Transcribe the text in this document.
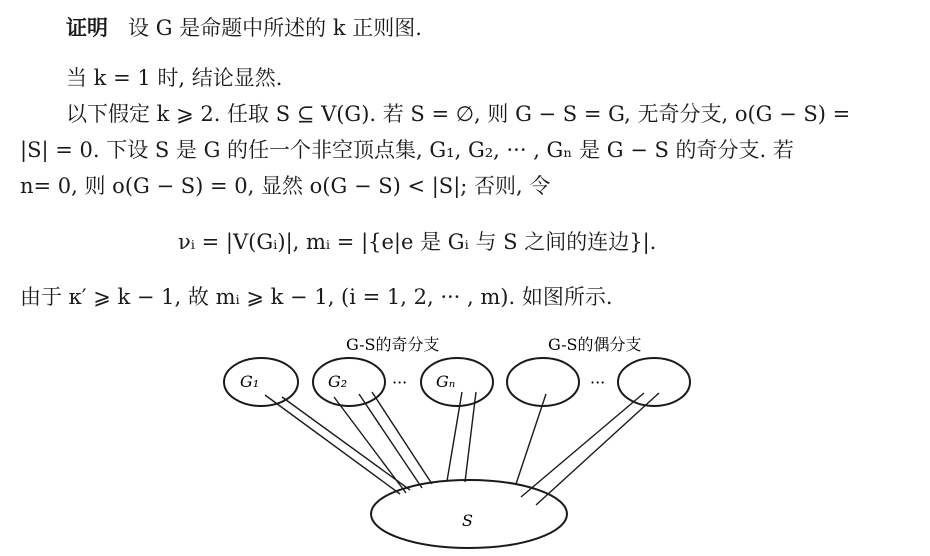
证明 设 G 是命题中所述的 k 正则图.
当 k = 1 时, 结论显然.
以下假定 k ⩾ 2. 任取 S ⊆ V(G). 若 S = ∅, 则 G − S = G, 无奇分支, o(G − S) =
|S| = 0. 下设 S 是 G 的任一个非空顶点集, G₁, G₂, ··· , Gₙ 是 G − S 的奇分支. 若
n= 0, 则 o(G − S) = 0, 显然 o(G − S) < |S|; 否则, 令
νᵢ = |V(Gᵢ)|, mᵢ = |{e|e 是 Gᵢ 与 S 之间的连边}|.
由于 κ′ ⩾ k − 1, 故 mᵢ ⩾ k − 1, (i = 1, 2, ··· , m). 如图所示.
G-S的奇分支	G-S的偶分支
G₁	G₂	Gₙ
···	···
S
